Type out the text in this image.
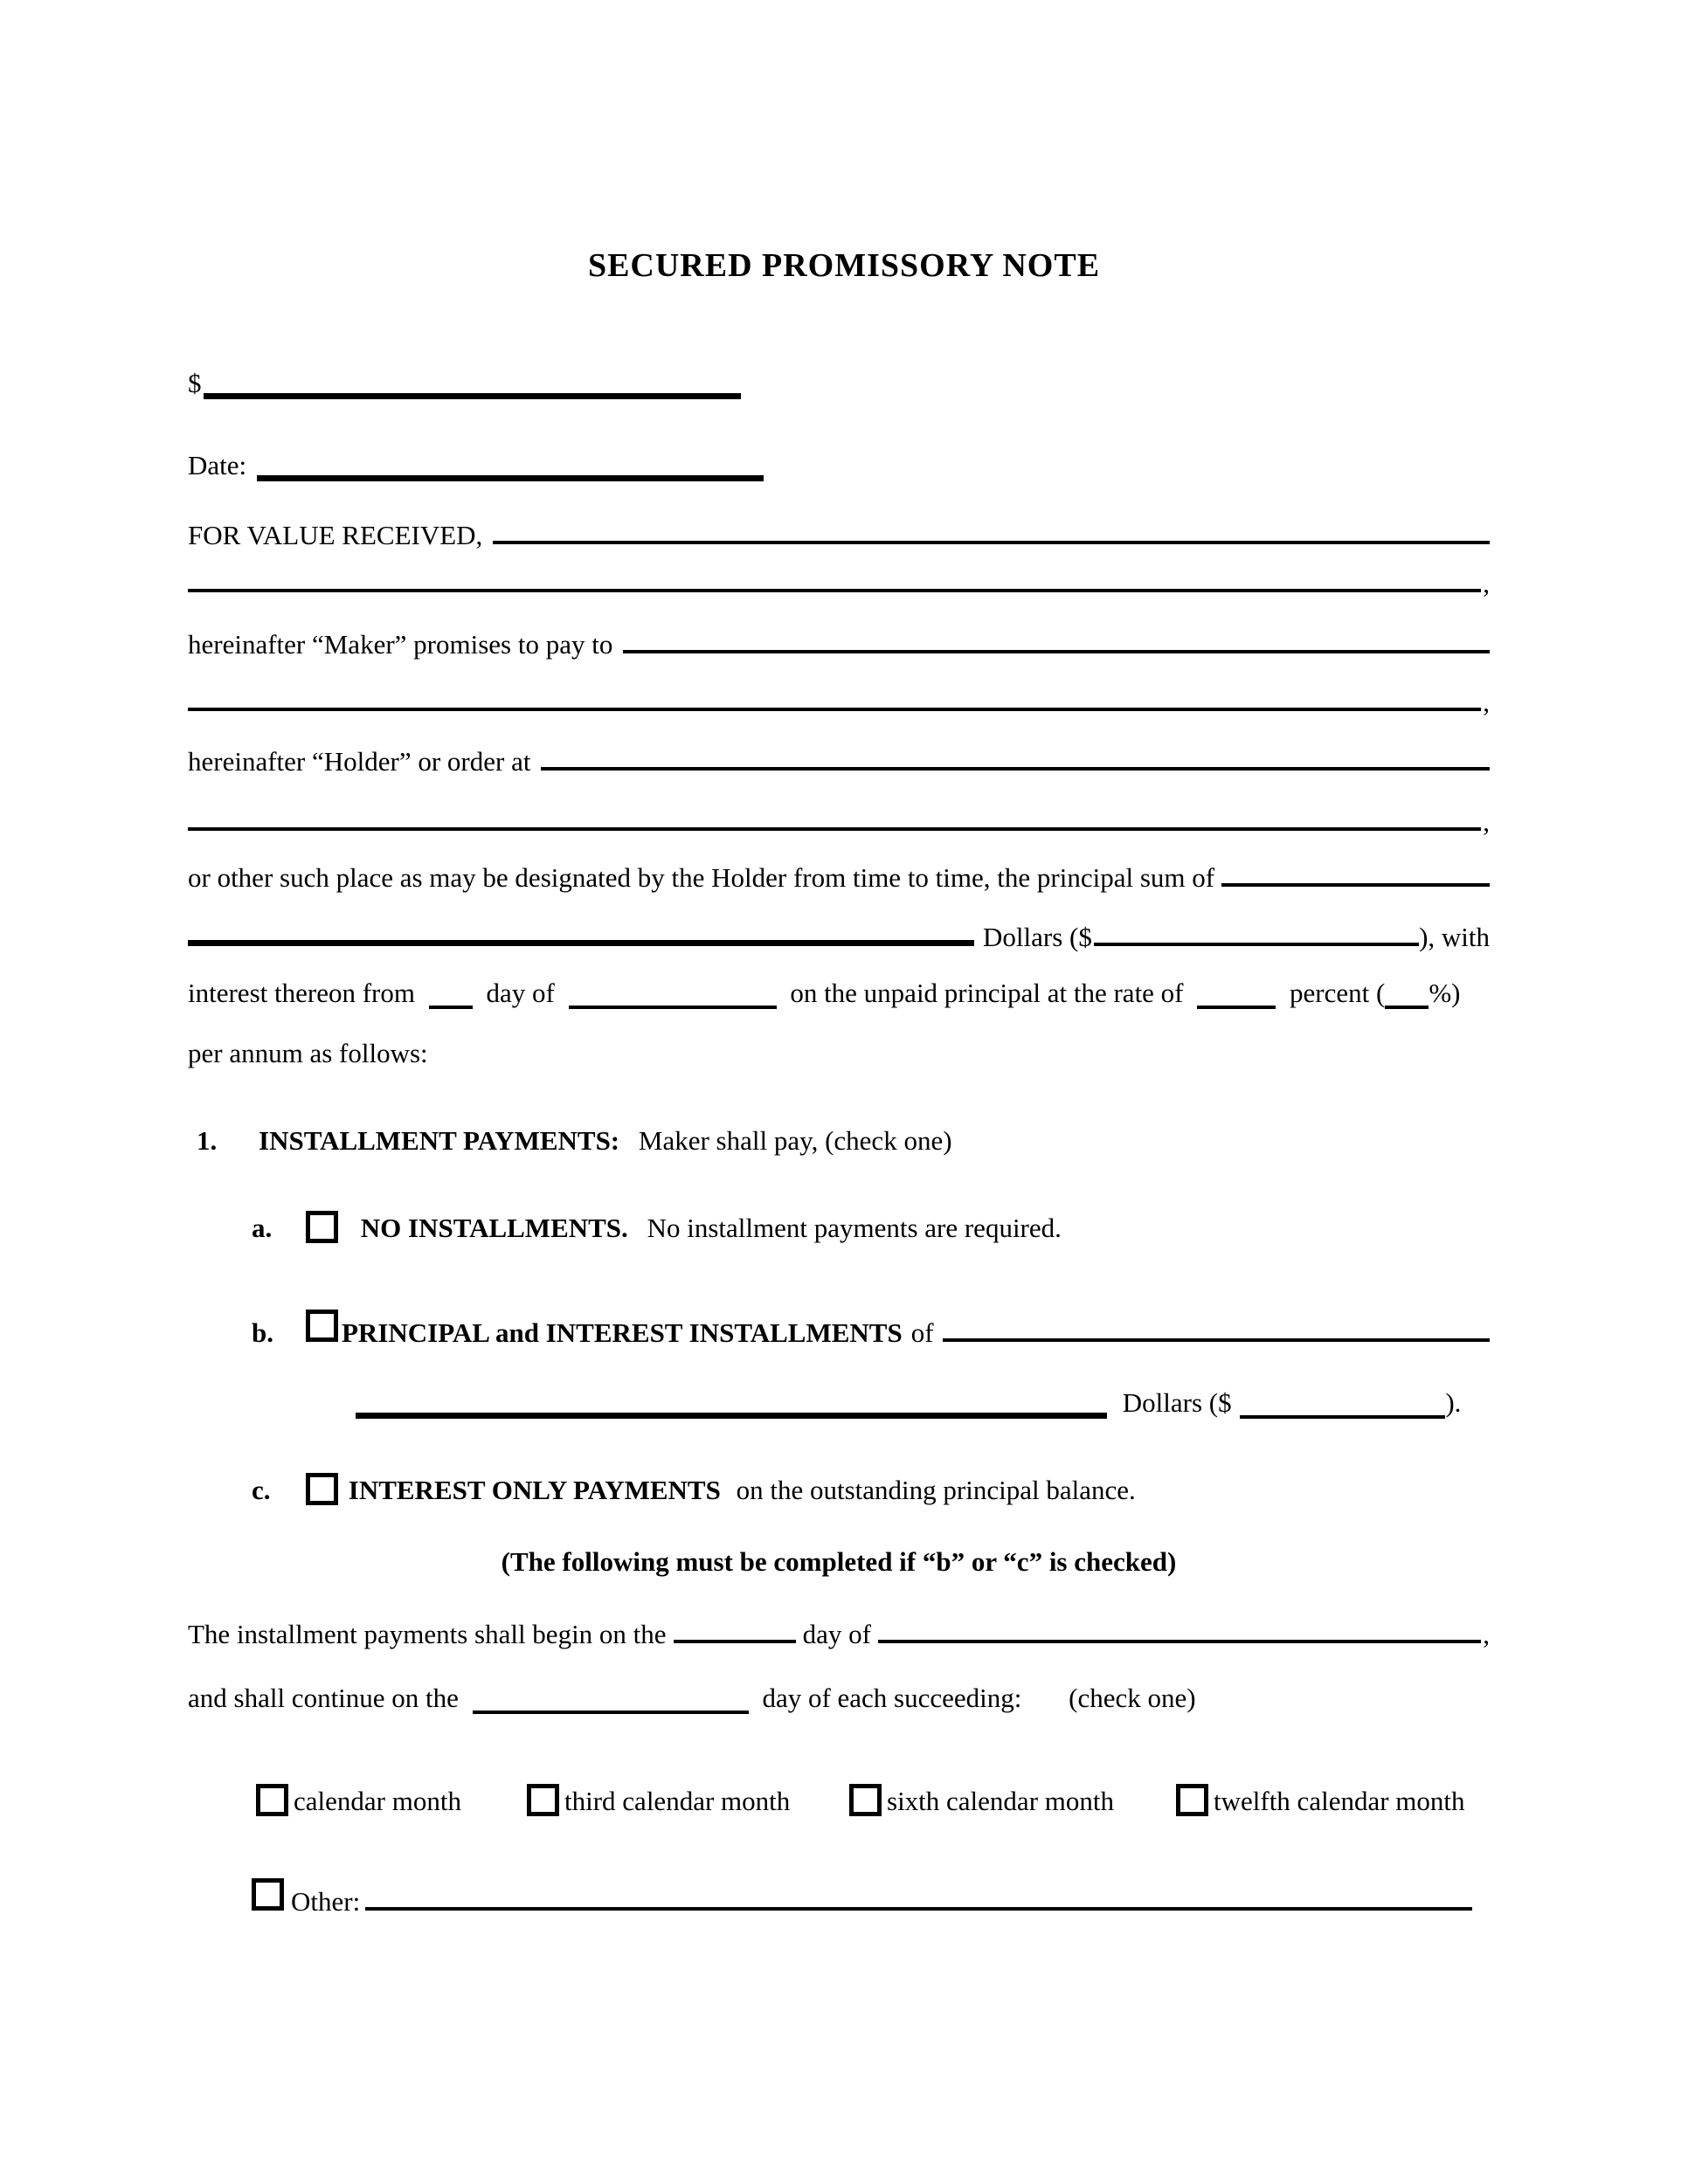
SECURED PROMISSORY NOTE
$
Date:
FOR VALUE RECEIVED,
,
hereinafter “Maker” promises to pay to
,
hereinafter “Holder” or order at
,
or other such place as may be designated by the Holder from time to time, the principal sum of
Dollars ($	), with
interest thereon from	day of	on the unpaid principal at the rate of	percent ( %)
per annum as follows:
1. INSTALLMENT PAYMENTS: Maker shall pay, (check one)
a.	NO INSTALLMENTS. No installment payments are required.
b.	PRINCIPAL and INTEREST INSTALLMENTS of
Dollars ($	).
c.	INTEREST ONLY PAYMENTS on the outstanding principal balance.
(The following must be completed if “b” or “c” is checked)
The installment payments shall begin on the	day of	,
and shall continue on the	day of each succeeding: (check one)
calendar month	third calendar month	sixth calendar month	twelfth calendar month
Other:
